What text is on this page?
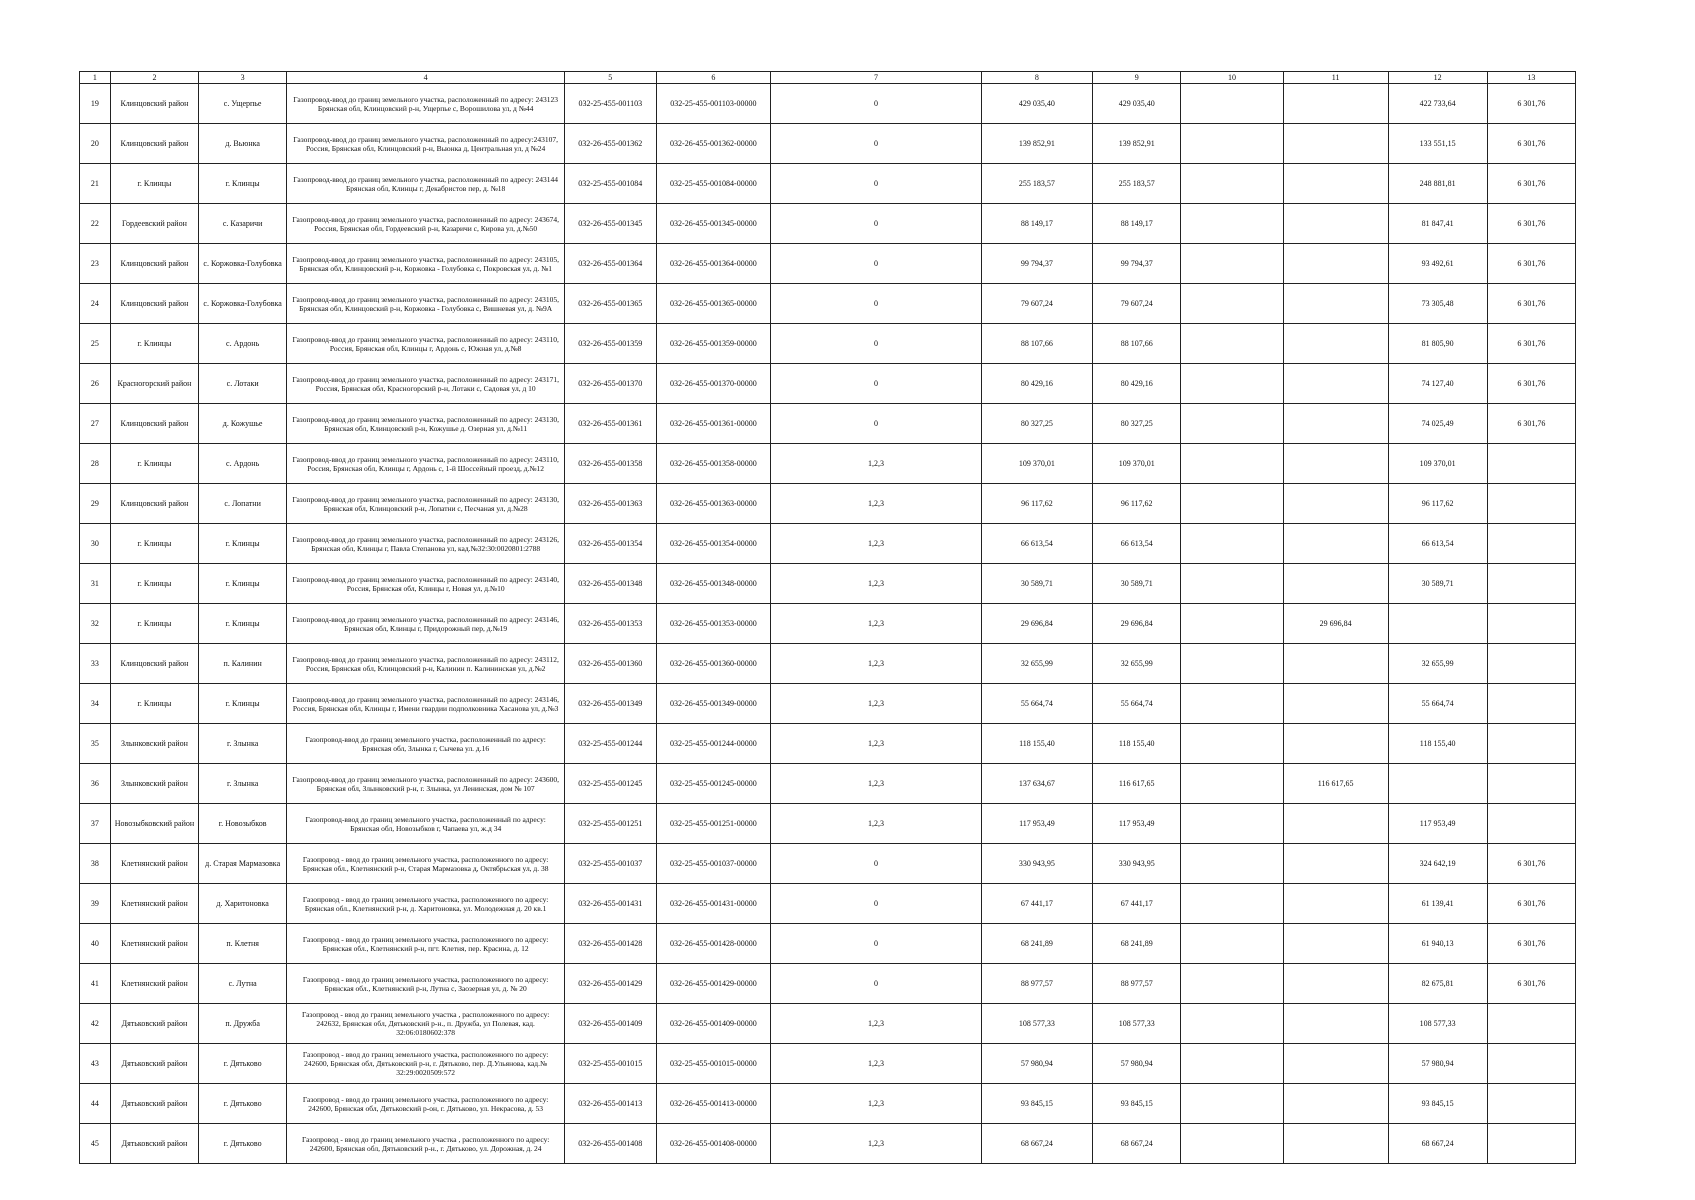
1	2	3	4	5	6	7	8	9	10	11	12	13
19	Клинцовский район	с. Ущерпье	Газопровод-ввод до границ земельного участка, расположенный по адресу: 243123 Брянская обл, Клинцовский р-н, Ущерпье с, Ворошилова ул, д №44	032-25-455-001103	032-25-455-001103-00000	0	429 035,40	429 035,40			422 733,64	6 301,76
20	Клинцовский район	д. Вьюнка	Газопровод-ввод до границ земельного участка, расположенный по адресу:243107, Россия, Брянская обл, Клинцовский р-н, Вьюнка д, Центральная ул, д №24	032-26-455-001362	032-26-455-001362-00000	0	139 852,91	139 852,91			133 551,15	6 301,76
21	г. Клинцы	г. Клинцы	Газопровод-ввод до границ земельного участка, расположенный по адресу: 243144 Брянская обл, Клинцы г, Декабристов пер, д. №18	032-25-455-001084	032-25-455-001084-00000	0	255 183,57	255 183,57			248 881,81	6 301,76
22	Гордеевский район	с. Казаричи	Газопровод-ввод до границ земельного участка, расположенный по адресу: 243674, Россия, Брянская обл, Гордеевский р-н, Казаричи с, Кирова ул, д.№50	032-26-455-001345	032-26-455-001345-00000	0	88 149,17	88 149,17			81 847,41	6 301,76
23	Клинцовский район	с. Коржовка-Голубовка	Газопровод-ввод до границ земельного участка, расположенный по адресу: 243105, Брянская обл, Клинцовский р-н, Коржовка - Голубовка с, Покровская ул, д. №1	032-26-455-001364	032-26-455-001364-00000	0	99 794,37	99 794,37			93 492,61	6 301,76
24	Клинцовский район	с. Коржовка-Голубовка	Газопровод-ввод до границ земельного участка, расположенный по адресу: 243105, Брянская обл, Клинцовский р-н, Коржовка - Голубовка с, Вишневая ул, д. №9А	032-26-455-001365	032-26-455-001365-00000	0	79 607,24	79 607,24			73 305,48	6 301,76
25	г. Клинцы	с. Ардонь	Газопровод-ввод до границ земельного участка, расположенный по адресу: 243110, Россия, Брянская обл, Клинцы г, Ардонь с, Южная ул, д.№8	032-26-455-001359	032-26-455-001359-00000	0	88 107,66	88 107,66			81 805,90	6 301,76
26	Красногорский район	с. Лотаки	Газопровод-ввод до границ земельного участка, расположенный по адресу: 243171, Россия, Брянская обл, Красногорский р-н, Лотаки с, Садовая ул, д 10	032-26-455-001370	032-26-455-001370-00000	0	80 429,16	80 429,16			74 127,40	6 301,76
27	Клинцовский район	д. Кожушье	Газопровод-ввод до границ земельного участка, расположенный по адресу: 243130, Брянская обл, Клинцовский р-н, Кожушье д. Озерная ул, д.№11	032-26-455-001361	032-26-455-001361-00000	0	80 327,25	80 327,25			74 025,49	6 301,76
28	г. Клинцы	с. Ардонь	Газопровод-ввод до границ земельного участка, расположенный по адресу: 243110, Россия, Брянская обл, Клинцы г, Ардонь с, 1-й Шоссейный проезд, д.№12	032-26-455-001358	032-26-455-001358-00000	1,2,3	109 370,01	109 370,01			109 370,01	
29	Клинцовский район	с. Лопатни	Газопровод-ввод до границ земельного участка, расположенный по адресу: 243130, Брянская обл, Клинцовский р-н, Лопатни с, Песчаная ул, д.№28	032-26-455-001363	032-26-455-001363-00000	1,2,3	96 117,62	96 117,62			96 117,62	
30	г. Клинцы	г. Клинцы	Газопровод-ввод до границ земельного участка, расположенный по адресу: 243126, Брянская обл, Клинцы г, Павла Степанова ул, кад.№32:30:0020801:2788	032-26-455-001354	032-26-455-001354-00000	1,2,3	66 613,54	66 613,54			66 613,54	
31	г. Клинцы	г. Клинцы	Газопровод-ввод до границ земельного участка, расположенный по адресу: 243140, Россия, Брянская обл, Клинцы г, Новая ул, д.№10	032-26-455-001348	032-26-455-001348-00000	1,2,3	30 589,71	30 589,71			30 589,71	
32	г. Клинцы	г. Клинцы	Газопровод-ввод до границ земельного участка, расположенный по адресу: 243146, Брянская обл, Клинцы г, Придорожный пер, д.№19	032-26-455-001353	032-26-455-001353-00000	1,2,3	29 696,84	29 696,84		29 696,84		
33	Клинцовский район	п. Калинин	Газопровод-ввод до границ земельного участка, расположенный по адресу: 243112, Россия, Брянская обл, Клинцовский р-н, Калинин п. Калининская ул, д.№2	032-26-455-001360	032-26-455-001360-00000	1,2,3	32 655,99	32 655,99			32 655,99	
34	г. Клинцы	г. Клинцы	Газопровод-ввод до границ земельного участка, расположенный по адресу: 243146, Россия, Брянская обл, Клинцы г, Имени гвардии подполковника Хасанова ул, д.№3	032-26-455-001349	032-26-455-001349-00000	1,2,3	55 664,74	55 664,74			55 664,74	
35	Злынковский район	г. Злынка	Газопровод-ввод до границ земельного участка, расположенный по адресу: Брянская обл, Злынка г, Сычева ул. д.16	032-25-455-001244	032-25-455-001244-00000	1,2,3	118 155,40	118 155,40			118 155,40	
36	Злынковский район	г. Злынка	Газопровод-ввод до границ земельного участка, расположенный по адресу: 243600, Брянская обл, Злынковский р-н, г. Злынка, ул Ленинская, дом № 107	032-25-455-001245	032-25-455-001245-00000	1,2,3	137 634,67	116 617,65		116 617,65		
37	Новозыбковский район	г. Новозыбков	Газопровод-ввод до границ земельного участка, расположенный по адресу: Брянская обл, Новозыбков г, Чапаева ул, ж.д 34	032-25-455-001251	032-25-455-001251-00000	1,2,3	117 953,49	117 953,49			117 953,49	
38	Клетнянский район	д. Старая Мармазовка	Газопровод - ввод до границ земельного участка, расположенного по адресу: Брянская обл., Клетнянский р-н, Старая Мармазовка д, Октябрьская ул, д. 38	032-25-455-001037	032-25-455-001037-00000	0	330 943,95	330 943,95			324 642,19	6 301,76
39	Клетнянский район	д. Харитоновка	Газопровод - ввод до границ земельного участка, расположенного по адресу: Брянская обл., Клетнянский р-н, д. Харитоновка, ул. Молодежная д. 20 кв.1	032-26-455-001431	032-26-455-001431-00000	0	67 441,17	67 441,17			61 139,41	6 301,76
40	Клетнянский район	п. Клетня	Газопровод - ввод до границ земельного участка, расположенного по адресу: Брянская обл., Клетнянский р-н, пгт. Клетня, пер. Красина, д. 12	032-26-455-001428	032-26-455-001428-00000	0	68 241,89	68 241,89			61 940,13	6 301,76
41	Клетнянский район	с. Лутна	Газопровод - ввод до границ земельного участка, расположенного по адресу: Брянская обл., Клетнянский р-н, Лутна с, Заозерная ул, д. № 20	032-26-455-001429	032-26-455-001429-00000	0	88 977,57	88 977,57			82 675,81	6 301,76
42	Дятьковский район	п. Дружба	Газопровод - ввод до границ земельного участка , расположенного по адресу: 242632, Брянская обл, Дятьковский р-н., п. Дружба, ул Полевая, кад. 32:06:0180602:378	032-26-455-001409	032-26-455-001409-00000	1,2,3	108 577,33	108 577,33			108 577,33	
43	Дятьковский район	г. Дятьково	Газопровод - ввод до границ земельного участка, расположенного по адресу: 242600, Брянская обл, Дятьковский р-н, г. Дятьково, пер. Д.Ульянова, кад.№ 32:29:0020509:572	032-25-455-001015	032-25-455-001015-00000	1,2,3	57 980,94	57 980,94			57 980,94	
44	Дятьковский район	г. Дятьково	Газопровод - ввод до границ земельного участка, расположенного по адресу: 242600, Брянская обл, Дятьковский р-он, г. Дятьково, ул. Некрасова, д. 53	032-26-455-001413	032-26-455-001413-00000	1,2,3	93 845,15	93 845,15			93 845,15	
45	Дятьковский район	г. Дятьково	Газопровод - ввод до границ земельного участка , расположенного по адресу: 242600, Брянская обл, Дятьковский р-н., г. Дятьково, ул. Дорожная, д. 24	032-26-455-001408	032-26-455-001408-00000	1,2,3	68 667,24	68 667,24			68 667,24	
